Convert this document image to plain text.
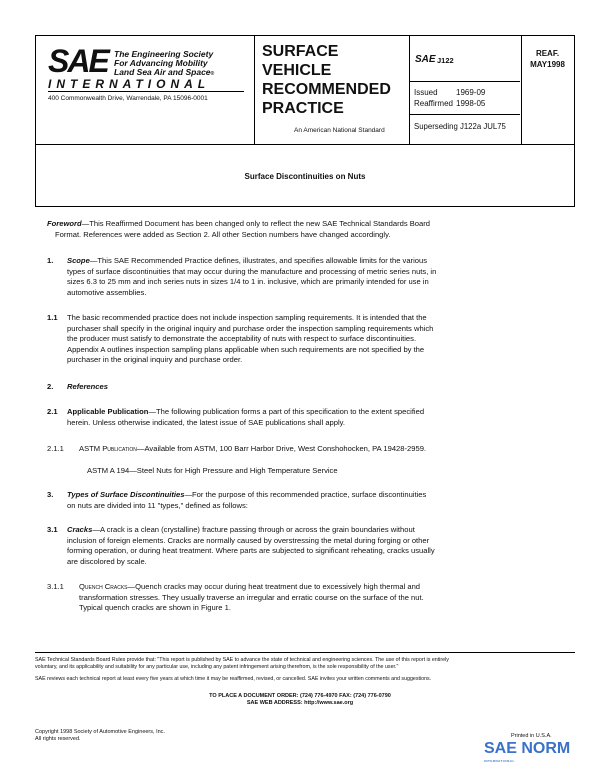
SAE The Engineering Society
For Advancing Mobility
Land Sea Air and Space®
INTERNATIONAL
400 Commonwealth Drive, Warrendale, PA 15096-0001
SURFACE
VEHICLE
RECOMMENDED
PRACTICE
An American National Standard
SAE J122
Issued 1969-09
Reaffirmed 1998-05
Superseding J122a JUL75
REAF.
MAY1998
Surface Discontinuities on Nuts
Foreword—This Reaffirmed Document has been changed only to reflect the new SAE Technical Standards Board
Format. References were added as Section 2. All other Section numbers have changed accordingly.
1. Scope—This SAE Recommended Practice defines, illustrates, and specifies allowable limits for the various
types of surface discontinuities that may occur during the manufacture and processing of metric series nuts, in
sizes 6.3 to 25 mm and inch series nuts in sizes 1/4 to 1 in. inclusive, which are primarily intended for use in
automotive assemblies.
1.1 The basic recommended practice does not include inspection sampling requirements. It is intended that the
purchaser shall specify in the original inquiry and purchase order the inspection sampling requirements which
the producer must satisfy to demonstrate the acceptability of nuts with respect to surface discontinuities.
Appendix A outlines inspection sampling plans applicable when such requirements are not specified by the
purchaser in the original inquiry and purchase order.
2. References
2.1 Applicable Publication—The following publication forms a part of this specification to the extent specified
herein. Unless otherwise indicated, the latest issue of SAE publications shall apply.
2.1.1 ASTM Publication—Available from ASTM, 100 Barr Harbor Drive, West Conshohocken, PA 19428-2959.
ASTM A 194—Steel Nuts for High Pressure and High Temperature Service
3. Types of Surface Discontinuities—For the purpose of this recommended practice, surface discontinuities
on nuts are divided into 11 "types," defined as follows:
3.1 Cracks—A crack is a clean (crystalline) fracture passing through or across the grain boundaries without
inclusion of foreign elements. Cracks are normally caused by overstressing the metal during forging or other
forming operation, or during heat treatment. Where parts are subjected to significant reheating, cracks usually
are discolored by scale.
3.1.1 Quench Cracks—Quench cracks may occur during heat treatment due to excessively high thermal and
transformation stresses. They usually traverse an irregular and erratic course on the surface of the nut.
Typical quench cracks are shown in Figure 1.
SAE Technical Standards Board Rules provide that: "This report is published by SAE to advance the state of technical and engineering sciences. The use of this report is entirely
voluntary, and its applicability and suitability for any particular use, including any patent infringement arising therefrom, is the sole responsibility of the user."
SAE reviews each technical report at least every five years at which time it may be reaffirmed, revised, or cancelled. SAE invites your written comments and suggestions.
TO PLACE A DOCUMENT ORDER: (724) 776-4970 FAX: (724) 776-0790
SAE WEB ADDRESS: http://www.sae.org
Copyright 1998 Society of Automotive Engineers, Inc.
All rights reserved.	Printed in U.S.A.
SAE NORM
INTERNATIONAL
